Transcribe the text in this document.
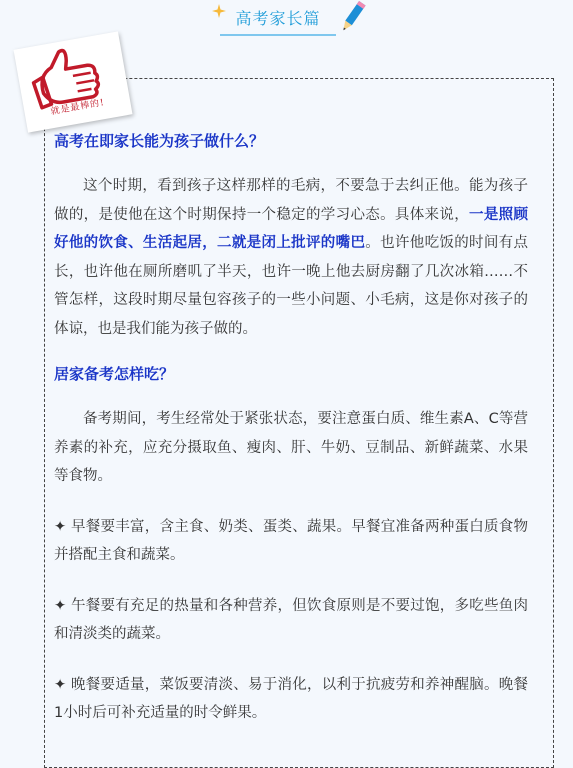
高考家长篇
就是最棒的!

高考在即家长能为孩子做什么？

这个时期，看到孩子这样那样的毛病，不要急于去纠正他。能为孩子做的，是使他在这个时期保持一个稳定的学习心态。具体来说，一是照顾好他的饮食、生活起居，二就是闭上批评的嘴巴。也许他吃饭的时间有点长，也许他在厕所磨叽了半天，也许一晚上他去厨房翻了几次冰箱……不管怎样，这段时期尽量包容孩子的一些小问题、小毛病，这是你对孩子的体谅，也是我们能为孩子做的。

居家备考怎样吃？

备考期间，考生经常处于紧张状态，要注意蛋白质、维生素A、C等营养素的补充，应充分摄取鱼、瘦肉、肝、牛奶、豆制品、新鲜蔬菜、水果等食物。

✦ 早餐要丰富，含主食、奶类、蛋类、蔬果。早餐宜准备两种蛋白质食物并搭配主食和蔬菜。

✦ 午餐要有充足的热量和各种营养，但饮食原则是不要过饱，多吃些鱼肉和清淡类的蔬菜。

✦ 晚餐要适量，菜饭要清淡、易于消化，以利于抗疲劳和养神醒脑。晚餐1小时后可补充适量的时令鲜果。
